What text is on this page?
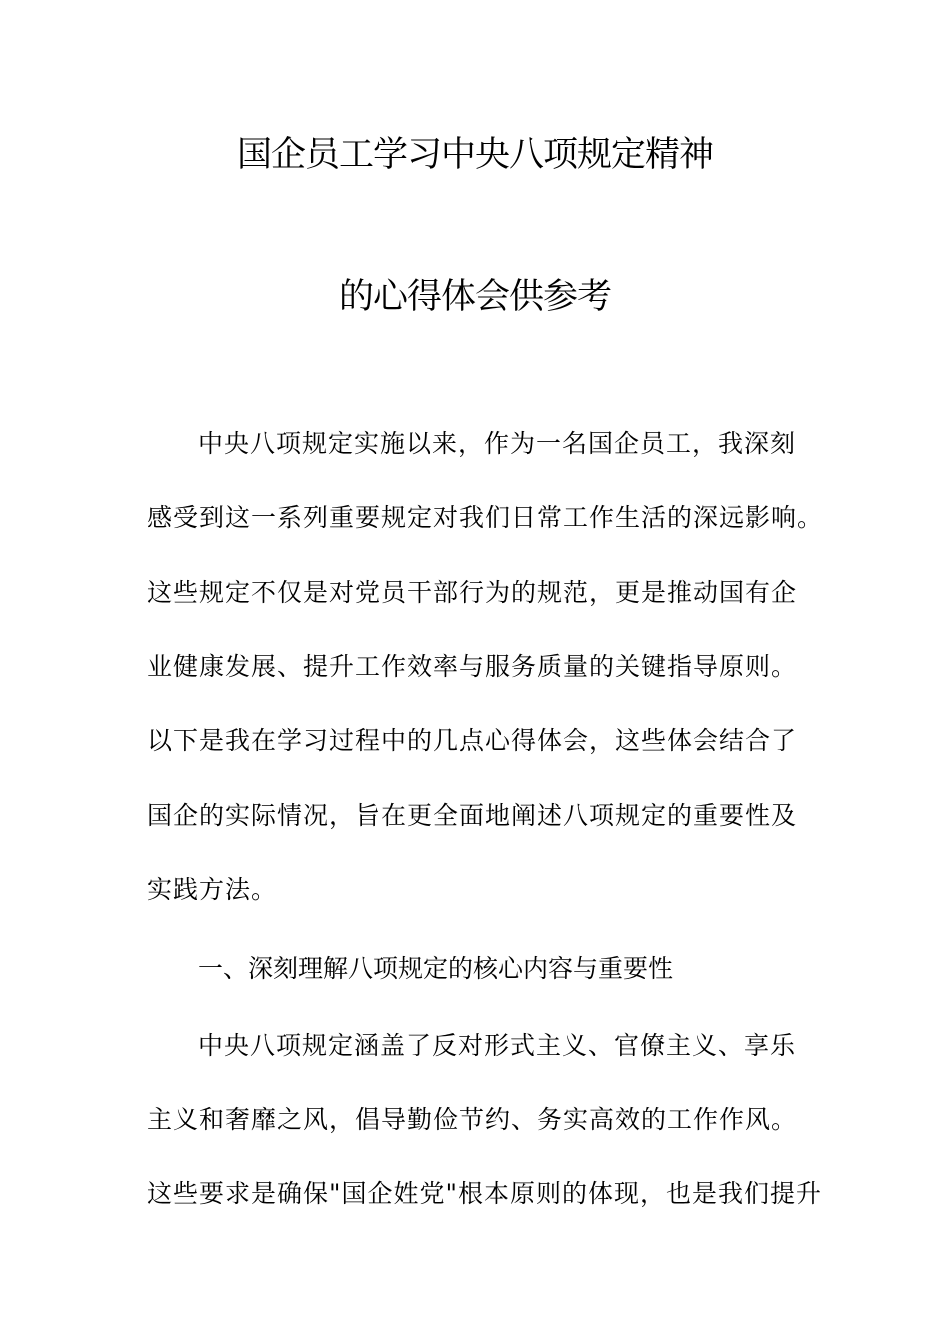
国企员工学习中央八项规定精神
的心得体会供参考
中央八项规定实施以来，作为一名国企员工，我深刻
感受到这一系列重要规定对我们日常工作生活的深远影响。
这些规定不仅是对党员干部行为的规范，更是推动国有企
业健康发展、提升工作效率与服务质量的关键指导原则。
以下是我在学习过程中的几点心得体会，这些体会结合了
国企的实际情况，旨在更全面地阐述八项规定的重要性及
实践方法。
一、深刻理解八项规定的核心内容与重要性
中央八项规定涵盖了反对形式主义、官僚主义、享乐
主义和奢靡之风，倡导勤俭节约、务实高效的工作作风。
这些要求是确保"国企姓党"根本原则的体现，也是我们提升
